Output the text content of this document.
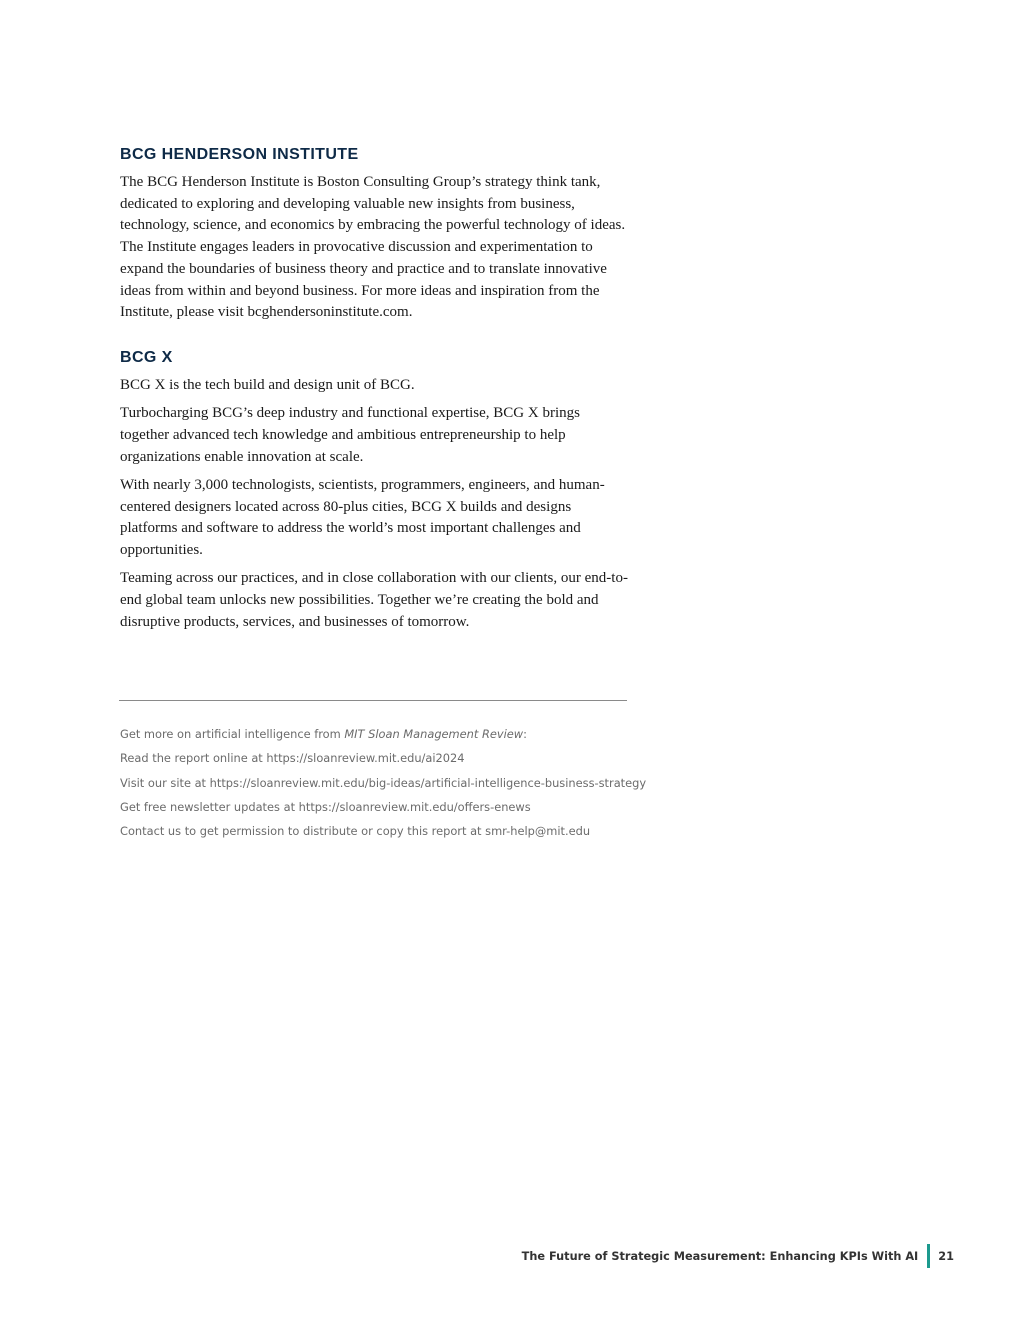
BCG HENDERSON INSTITUTE

The BCG Henderson Institute is Boston Consulting Group’s strategy think tank, dedicated to exploring and developing valuable new insights from business, technology, science, and economics by embracing the powerful technology of ideas. The Institute engages leaders in provocative discussion and experimentation to expand the boundaries of business theory and practice and to translate innovative ideas from within and beyond business. For more ideas and inspiration from the Institute, please visit bcghendersoninstitute.com.

BCG X

BCG X is the tech build and design unit of BCG.

Turbocharging BCG’s deep industry and functional expertise, BCG X brings together advanced tech knowledge and ambitious entrepreneurship to help organizations enable innovation at scale.

With nearly 3,000 technologists, scientists, programmers, engineers, and human-centered designers located across 80-plus cities, BCG X builds and designs platforms and software to address the world’s most important challenges and opportunities.

Teaming across our practices, and in close collaboration with our clients, our end-to-end global team unlocks new possibilities. Together we’re creating the bold and disruptive products, services, and businesses of tomorrow.

Get more on artificial intelligence from MIT Sloan Management Review:

Read the report online at https://sloanreview.mit.edu/ai2024

Visit our site at https://sloanreview.mit.edu/big-ideas/artificial-intelligence-business-strategy

Get free newsletter updates at https://sloanreview.mit.edu/offers-enews

Contact us to get permission to distribute or copy this report at smr-help@mit.edu

The Future of Strategic Measurement: Enhancing KPIs With AI 21
